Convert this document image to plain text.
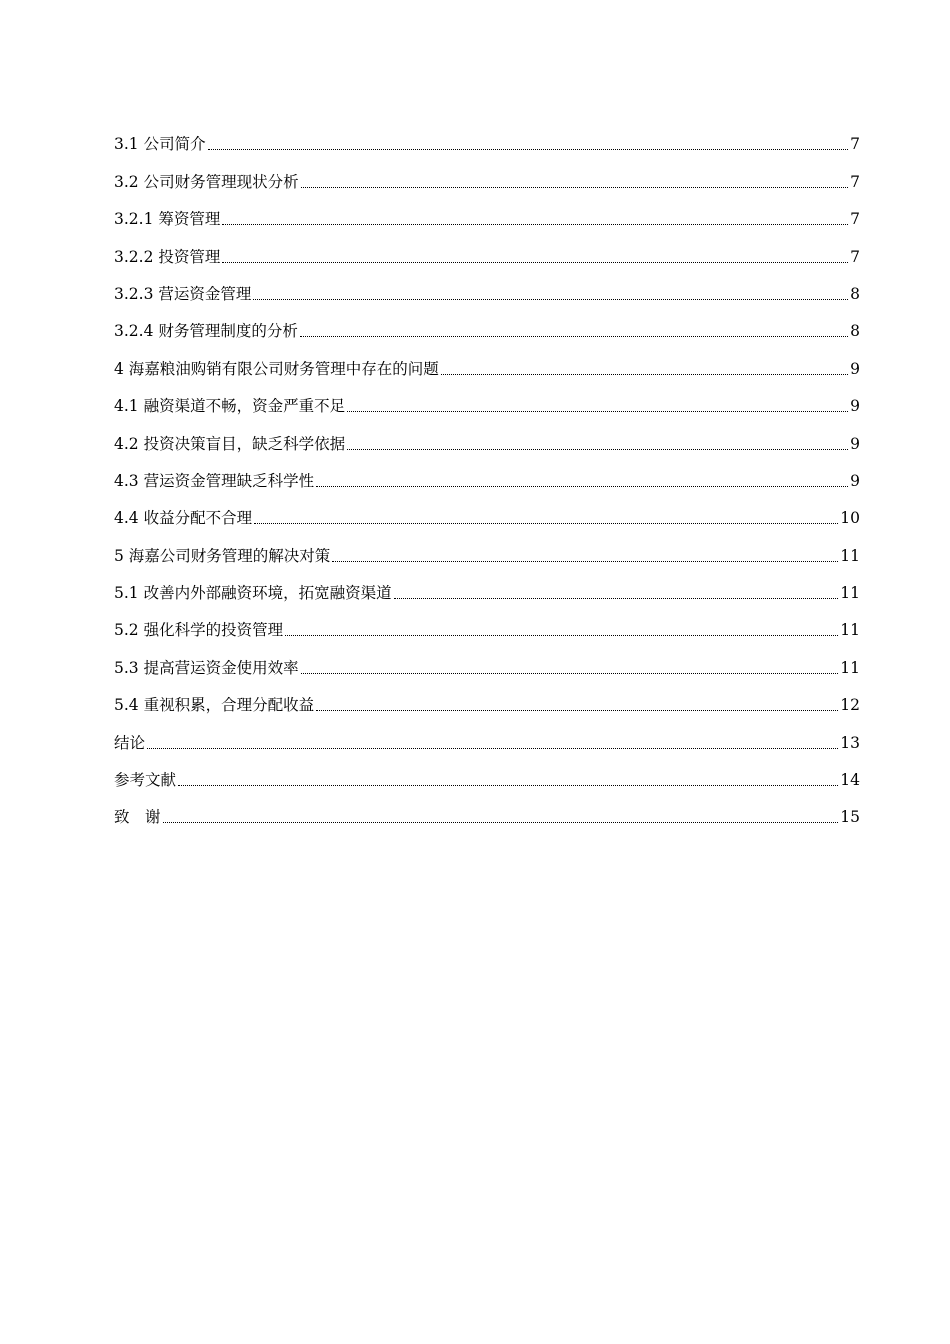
3.1 公司简介	7
3.2 公司财务管理现状分析	7
3.2.1 筹资管理	7
3.2.2 投资管理	7
3.2.3 营运资金管理	8
3.2.4 财务管理制度的分析	8
4 海嘉粮油购销有限公司财务管理中存在的问题	9
4.1 融资渠道不畅，资金严重不足	9
4.2 投资决策盲目，缺乏科学依据	9
4.3 营运资金管理缺乏科学性	9
4.4 收益分配不合理	10
5 海嘉公司财务管理的解决对策	11
5.1 改善内外部融资环境，拓宽融资渠道	11
5.2 强化科学的投资管理	11
5.3 提高营运资金使用效率	11
5.4 重视积累，合理分配收益	12
结论	13
参考文献	14
致　谢	15
